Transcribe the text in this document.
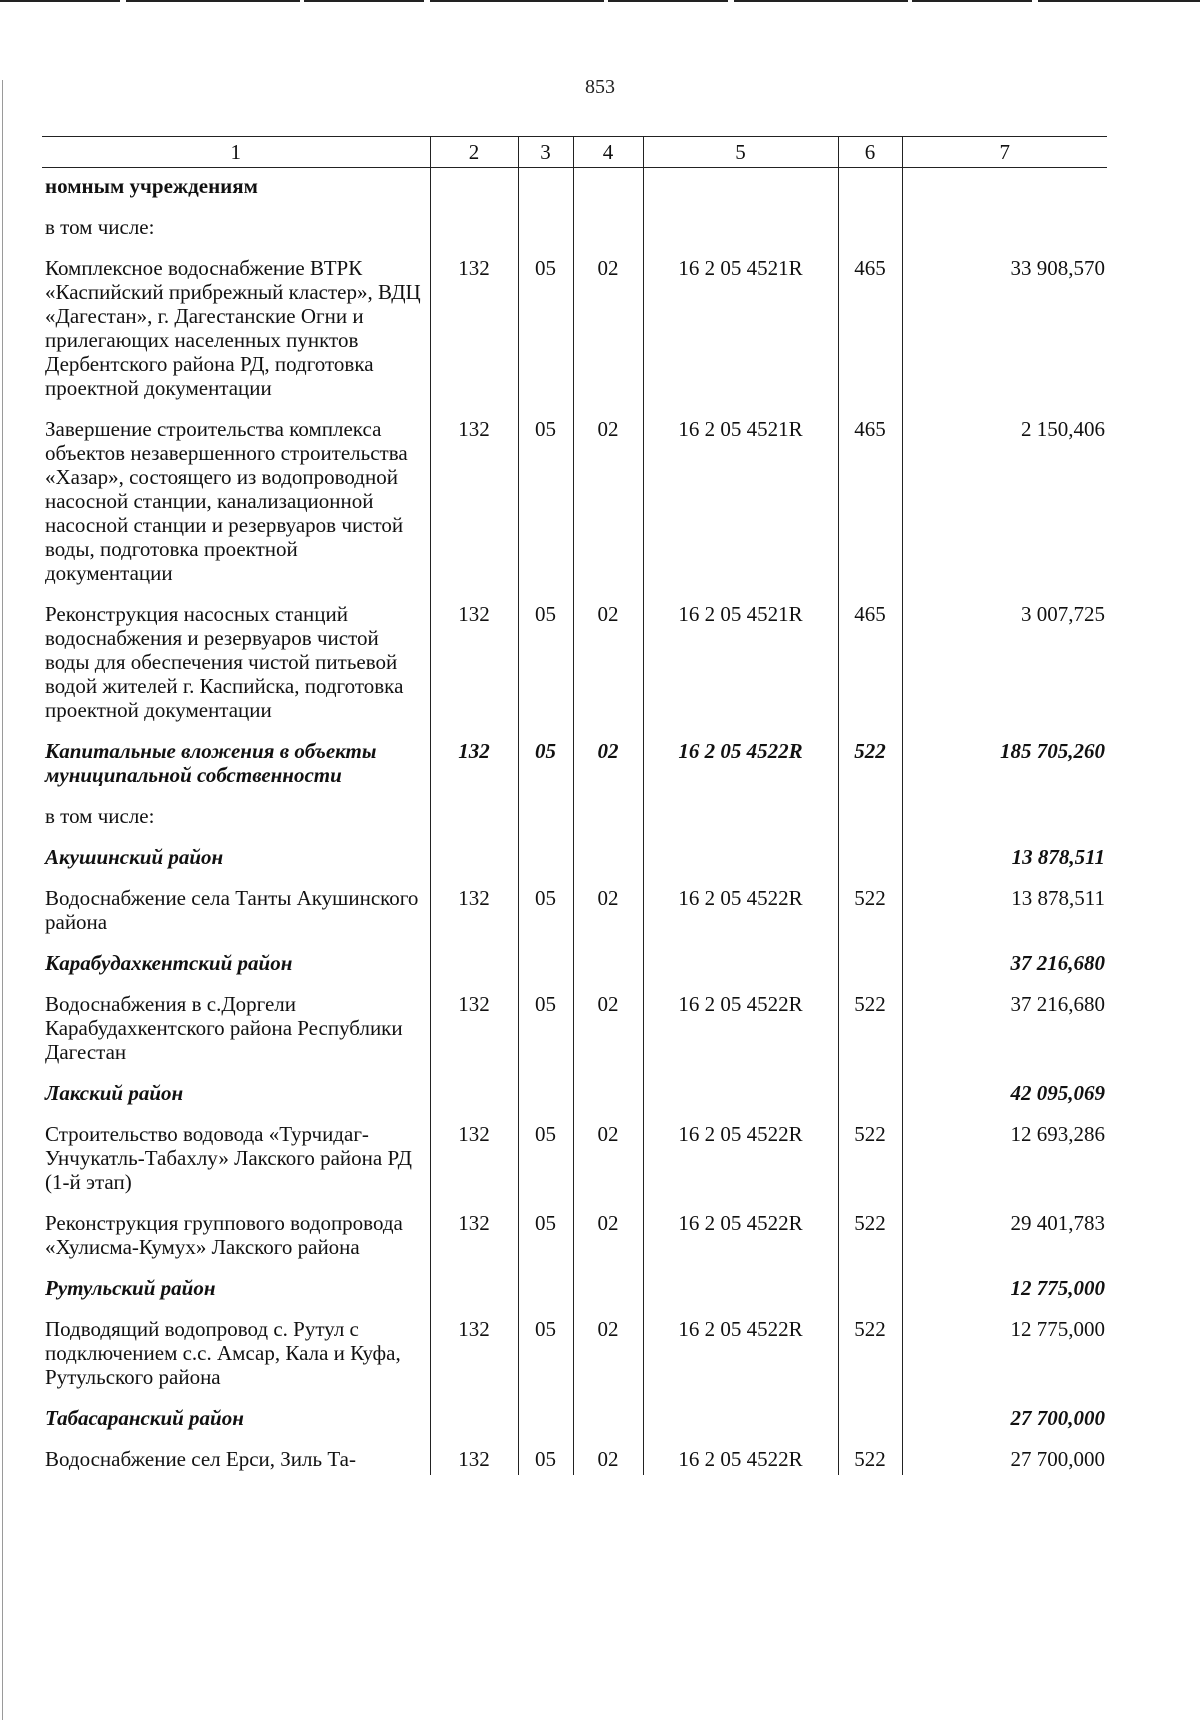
853
1	2	3	4	5	6	7
номным учреждениям						
в том числе:						
Комплексное водоснабжение ВТРК «Каспийский прибрежный кластер», ВДЦ «Дагестан», г. Дагестанские Огни и прилегающих населенных пунктов Дербентского района РД, подготовка проектной документации	132	05	02	16 2 05 4521R	465	33 908,570
Завершение строительства комплекса объектов незавершенного строительства «Хазар», состоящего из водопроводной насосной станции, канализационной насосной станции и резервуаров чистой воды, подготовка проектной документации	132	05	02	16 2 05 4521R	465	2 150,406
Реконструкция насосных станций водоснабжения и резервуаров чистой воды для обеспечения чистой питьевой водой жителей г. Каспийска, подготовка проектной документации	132	05	02	16 2 05 4521R	465	3 007,725
Капитальные вложения в объекты муниципальной собственности	132	05	02	16 2 05 4522R	522	185 705,260
в том числе:						
Акушинский район						13 878,511
Водоснабжение села Танты Акушинского района	132	05	02	16 2 05 4522R	522	13 878,511
Карабудахкентский район						37 216,680
Водоснабжения в с.Доргели Карабудахкентского района Республики Дагестан	132	05	02	16 2 05 4522R	522	37 216,680
Лакский район						42 095,069
Строительство водовода «Турчидаг-Унчукатль-Табахлу» Лакского района РД (1-й этап)	132	05	02	16 2 05 4522R	522	12 693,286
Реконструкция группового водопровода «Хулисма-Кумух» Лакского района	132	05	02	16 2 05 4522R	522	29 401,783
Рутульский район						12 775,000
Подводящий водопровод с. Рутул с подключением с.с. Амсар, Кала и Куфа, Рутульского района	132	05	02	16 2 05 4522R	522	12 775,000
Табасаранский район						27 700,000
Водоснабжение сел Ерси, Зиль Та-	132	05	02	16 2 05 4522R	522	27 700,000
